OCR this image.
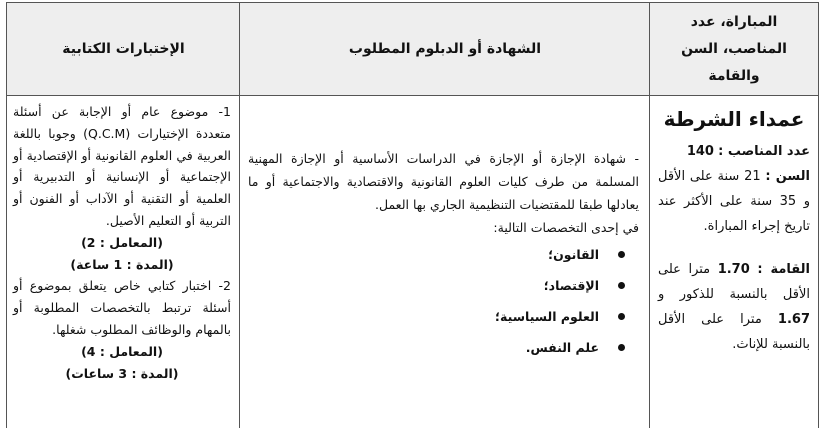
الإختبارات الكتابية	الشهادة أو الدبلوم المطلوب
المباراة، عدد المناصب، السن والقامة
1- موضوع عام أو الإجابة عن أسئلة متعددة الإختيارات (Q.C.M) وجوبا باللغة العربية في العلوم القانونية أو الإقتصادية أو الإجتماعية أو الإنسانية أو التدبيرية أو العلمية أو التقنية أو الآداب أو الفنون أو التربية أو التعليم الأصيل.
(المعامل : 2)
(المدة : 1 ساعة)
2- اختبار كتابي خاص يتعلق بموضوع أو أسئلة ترتبط بالتخصصات المطلوبة أو بالمهام والوظائف المطلوب شغلها.
(المعامل : 4)
(المدة : 3 ساعات)
- شهادة الإجازة أو الإجازة في الدراسات الأساسية أو الإجازة المهنية المسلمة من طرف كليات العلوم القانونية والاقتصادية والاجتماعية أو ما يعادلها طبقا للمقتضيات التنظيمية الجاري بها العمل.
في إحدى التخصصات التالية:
القانون؛
الإقتصاد؛
العلوم السياسية؛
علم النفس.
عمداء الشرطة
عدد المناصب : 140
السن : 21 سنة على الأقل و 35 سنة على الأكثر عند تاريخ إجراء المباراة.
القامة : 1.70 مترا على الأقل بالنسبة للذكور و 1.67 مترا على الأقل بالنسبة للإناث.
